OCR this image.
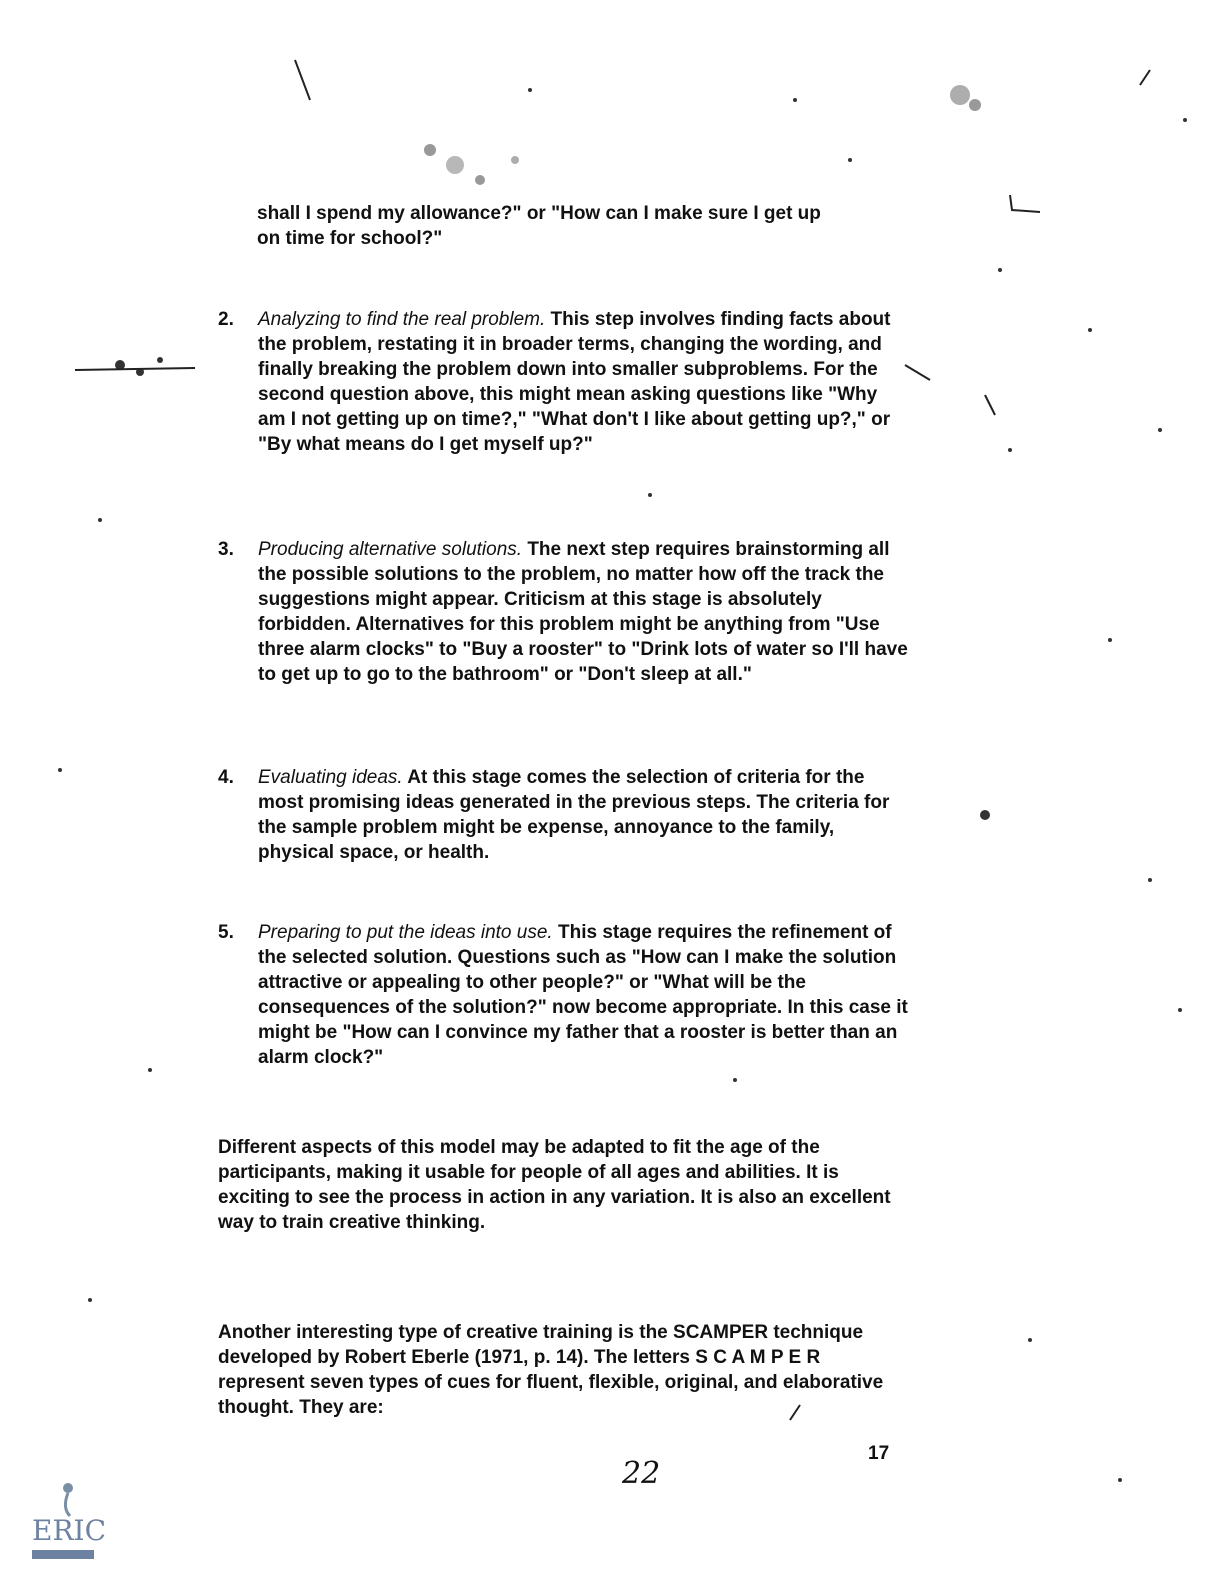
shall I spend my allowance?" or "How can I make sure I get up
on time for school?"
2.	Analyzing to find the real problem. This step involves finding facts about the problem, restating it in broader terms, changing the wording, and finally breaking the problem down into smaller subproblems. For the second question above, this might mean asking questions like "Why am I not getting up on time?," "What don't I like about getting up?," or "By what means do I get myself up?"
3.	Producing alternative solutions. The next step requires brainstorming all the possible solutions to the problem, no matter how off the track the suggestions might appear. Criticism at this stage is absolutely forbidden. Alternatives for this problem might be anything from "Use three alarm clocks" to "Buy a rooster" to "Drink lots of water so I'll have to get up to go to the bathroom" or "Don't sleep at all."
4.	Evaluating ideas. At this stage comes the selection of criteria for the most promising ideas generated in the previous steps. The criteria for the sample problem might be expense, annoyance to the family, physical space, or health.
5.	Preparing to put the ideas into use. This stage requires the refinement of the selected solution. Questions such as "How can I make the solution attractive or appealing to other people?" or "What will be the consequences of the solution?" now become appropriate. In this case it might be "How can I convince my father that a rooster is better than an alarm clock?"
Different aspects of this model may be adapted to fit the age of the participants, making it usable for people of all ages and abilities. It is exciting to see the process in action in any variation. It is also an excellent way to train creative thinking.
Another interesting type of creative training is the SCAMPER technique developed by Robert Eberle (1971, p. 14). The letters S C A M P E R represent seven types of cues for fluent, flexible, original, and elaborative thought. They are:
22
17
ERIC
